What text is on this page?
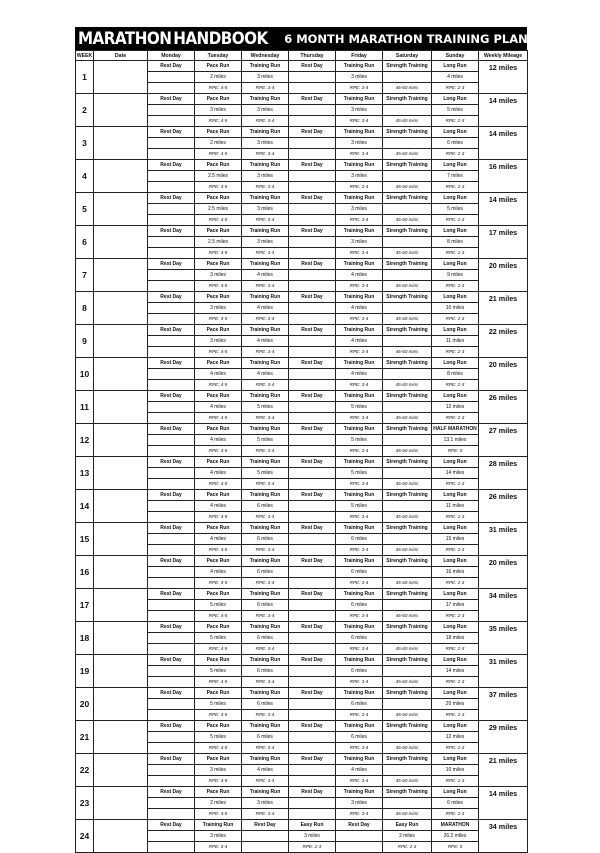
MARATHON HANDBOOK 6 MONTH MARATHON TRAINING PLAN: MILES
WEEK	Date	Monday	Tuesday	Wednesday	Thursday	Friday	Saturday	Sunday	Weekly Mileage
1		Rest Day	Pace Run	Training Run	Rest Day	Training Run	Strength Training	Long Run	12 miles
			2 miles	3 miles		3 miles		4 miles	
			RPE: 4-5	RPE: 3-4		RPE: 3-4	45-60 mins	RPE: 2-3	
2		Rest Day	Pace Run	Training Run	Rest Day	Training Run	Strength Training	Long Run	14 miles
			3 miles	3 miles		3 miles		5 miles	
			RPE: 4-5	RPE: 3-4		RPE: 3-4	45-60 mins	RPE: 2-3	
3		Rest Day	Pace Run	Training Run	Rest Day	Training Run	Strength Training	Long Run	14 miles
			2 miles	3 miles		3 miles		6 miles	
			RPE: 4-5	RPE: 3-4		RPE: 3-4	45-60 mins	RPE: 2-3	
4		Rest Day	Pace Run	Training Run	Rest Day	Training Run	Strength Training	Long Run	16 miles
			2.5 miles	3 miles		3 miles		7 miles	
			RPE: 4-5	RPE: 3-4		RPE: 3-4	45-60 mins	RPE: 2-3	
5		Rest Day	Pace Run	Training Run	Rest Day	Training Run	Strength Training	Long Run	14 miles
			2.5 miles	3 miles		3 miles		5 miles	
			RPE: 4-5	RPE: 3-4		RPE: 3-4	45-60 mins	RPE: 2-3	
6		Rest Day	Pace Run	Training Run	Rest Day	Training Run	Strength Training	Long Run	17 miles
			2.5 miles	3 miles		3 miles		8 miles	
			RPE: 4-5	RPE: 3-4		RPE: 3-4	45-60 mins	RPE: 2-3	
7		Rest Day	Pace Run	Training Run	Rest Day	Training Run	Strength Training	Long Run	20 miles
			3 miles	4 miles		4 miles		9 miles	
			RPE: 4-5	RPE: 3-4		RPE: 3-4	45-60 mins	RPE: 2-3	
8		Rest Day	Pace Run	Training Run	Rest Day	Training Run	Strength Training	Long Run	21 miles
			3 miles	4 miles		4 miles		10 miles	
			RPE: 4-5	RPE: 3-4		RPE: 3-4	45-60 mins	RPE: 2-3	
9		Rest Day	Pace Run	Training Run	Rest Day	Training Run	Strength Training	Long Run	22 miles
			3 miles	4 miles		4 miles		11 miles	
			RPE: 4-5	RPE: 3-4		RPE: 3-4	45-60 mins	RPE: 2-3	
10		Rest Day	Pace Run	Training Run	Rest Day	Training Run	Strength Training	Long Run	20 miles
			4 miles	4 miles		4 miles		8 miles	
			RPE: 4-5	RPE: 3-4		RPE: 3-4	45-60 mins	RPE: 2-3	
11		Rest Day	Pace Run	Training Run	Rest Day	Training Run	Strength Training	Long Run	26 miles
			4 miles	5 miles		5 miles		12 miles	
			RPE: 4-5	RPE: 3-4		RPE: 3-4	45-60 mins	RPE: 2-3	
12		Rest Day	Pace Run	Training Run	Rest Day	Training Run	Strength Training	HALF MARATHON	27 miles
			4 miles	5 miles		5 miles		13.1 miles	
			RPE: 4-5	RPE: 3-4		RPE: 3-4	45-60 mins	RPE: 5	
13		Rest Day	Pace Run	Training Run	Rest Day	Training Run	Strength Training	Long Run	28 miles
			4 miles	5 miles		5 miles		14 miles	
			RPE: 4-5	RPE: 3-4		RPE: 3-4	45-60 mins	RPE: 2-3	
14		Rest Day	Pace Run	Training Run	Rest Day	Training Run	Strength Training	Long Run	26 miles
			4 miles	6 miles		5 miles		11 miles	
			RPE: 4-5	RPE: 3-4		RPE: 3-4	45-60 mins	RPE: 2-3	
15		Rest Day	Pace Run	Training Run	Rest Day	Training Run	Strength Training	Long Run	31 miles
			4 miles	6 miles		6 miles		15 miles	
			RPE: 4-5	RPE: 3-4		RPE: 3-4	45-60 mins	RPE: 2-3	
16		Rest Day	Pace Run	Training Run	Rest Day	Training Run	Strength Training	Long Run	20 miles
			4 miles	6 miles		6 miles		16 miles	
			RPE: 4-5	RPE: 3-4		RPE: 3-4	45-60 mins	RPE: 2-3	
17		Rest Day	Pace Run	Training Run	Rest Day	Training Run	Strength Training	Long Run	34 miles
			5 miles	6 miles		6 miles		17 miles	
			RPE: 4-5	RPE: 3-4		RPE: 3-4	45-60 mins	RPE: 2-3	
18		Rest Day	Pace Run	Training Run	Rest Day	Training Run	Strength Training	Long Run	35 miles
			5 miles	6 miles		6 miles		18 miles	
			RPE: 4-5	RPE: 3-4		RPE: 3-4	45-60 mins	RPE: 2-3	
19		Rest Day	Pace Run	Training Run	Rest Day	Training Run	Strength Training	Long Run	31 miles
			5 miles	6 miles		6 miles		14 miles	
			RPE: 4-5	RPE: 3-4		RPE: 3-4	45-60 mins	RPE: 2-3	
20		Rest Day	Pace Run	Training Run	Rest Day	Training Run	Strength Training	Long Run	37 miles
			5 miles	6 miles		6 miles		20 miles	
			RPE: 4-5	RPE: 3-4		RPE: 3-4	45-60 mins	RPE: 2-3	
21		Rest Day	Pace Run	Training Run	Rest Day	Training Run	Strength Training	Long Run	29 miles
			5 miles	6 miles		6 miles		12 miles	
			RPE: 4-5	RPE: 3-4		RPE: 3-4	45-60 mins	RPE: 2-3	
22		Rest Day	Pace Run	Training Run	Rest Day	Training Run	Strength Training	Long Run	21 miles
			3 miles	4 miles		4 miles		10 miles	
			RPE: 4-5	RPE: 3-4		RPE: 3-4	45-60 mins	RPE: 2-3	
23		Rest Day	Pace Run	Training Run	Rest Day	Training Run	Strength Training	Long Run	14 miles
			2 miles	3 miles		3 miles		6 miles	
			RPE: 4-5	RPE: 3-4		RPE: 3-4	45-60 mins	RPE: 2-3	
24		Rest Day	Training Run	Rest Day	Easy Run	Rest Day	Easy Run	MARATHON	34 miles
			3 miles		3 miles		2 miles	26.2 miles	
			RPE: 3-4		RPE: 2-3		RPE: 2-3	RPE: 5	
